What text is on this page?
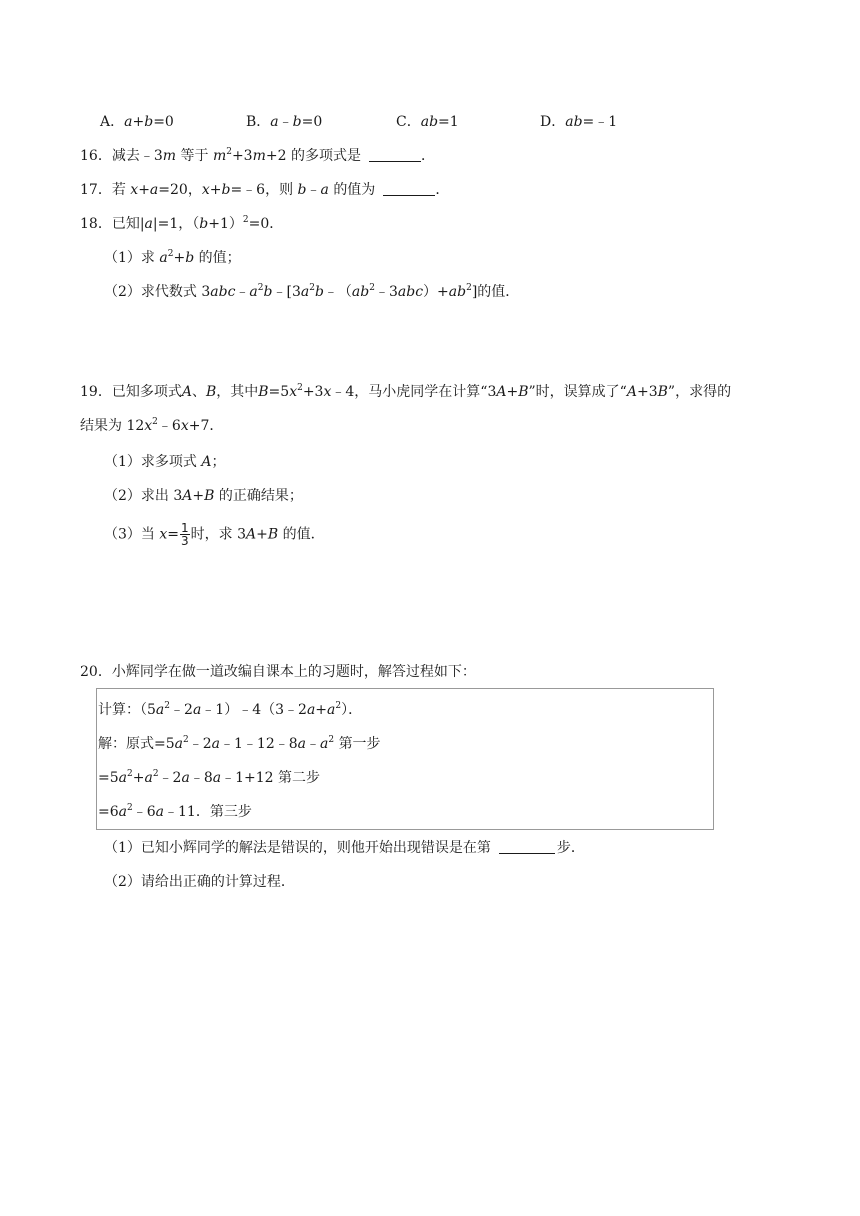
A．a+b=0	B．a﹣b=0	C．ab=1	D．ab=﹣1
16．减去﹣3m 等于 $m^2+3m+2$ 的多项式是	．
17．若 x+a=20，x+b=﹣6，则 b﹣a 的值为	．
18．已知|a|=1，$(b+1)^2=0$．
（1）求 $a^2+b$ 的值；
（2）求代数式 $3abc﹣a^2b﹣[3a^2b﹣(ab^2﹣3abc)+ab^2]$的值．
19．已知多项式A、B，其中$B=5x^2+3x﹣4$，马小虎同学在计算“3A+B”时，误算成了“A+3B”，求得的
结果为 $12x^2﹣6x+7$．
（1）求多项式 A；
（2）求出 3A+B 的正确结果；
（3）当 $x= \frac{1}{3}$ 时，求 3A+B 的值．
20．小辉同学在做一道改编自课本上的习题时，解答过程如下：
计算：$(5a^2﹣2a﹣1)﹣4(3﹣2a+a^2)$．
解：原式$=5a^2﹣2a﹣1﹣12﹣8a﹣a^2$ 第一步
$=5a^2+a^2﹣2a﹣8a﹣1+12$ 第二步
$=6a^2﹣6a﹣11$．第三步
（1）已知小辉同学的解法是错误的，则他开始出现错误是在第	步．
（2）请给出正确的计算过程．
